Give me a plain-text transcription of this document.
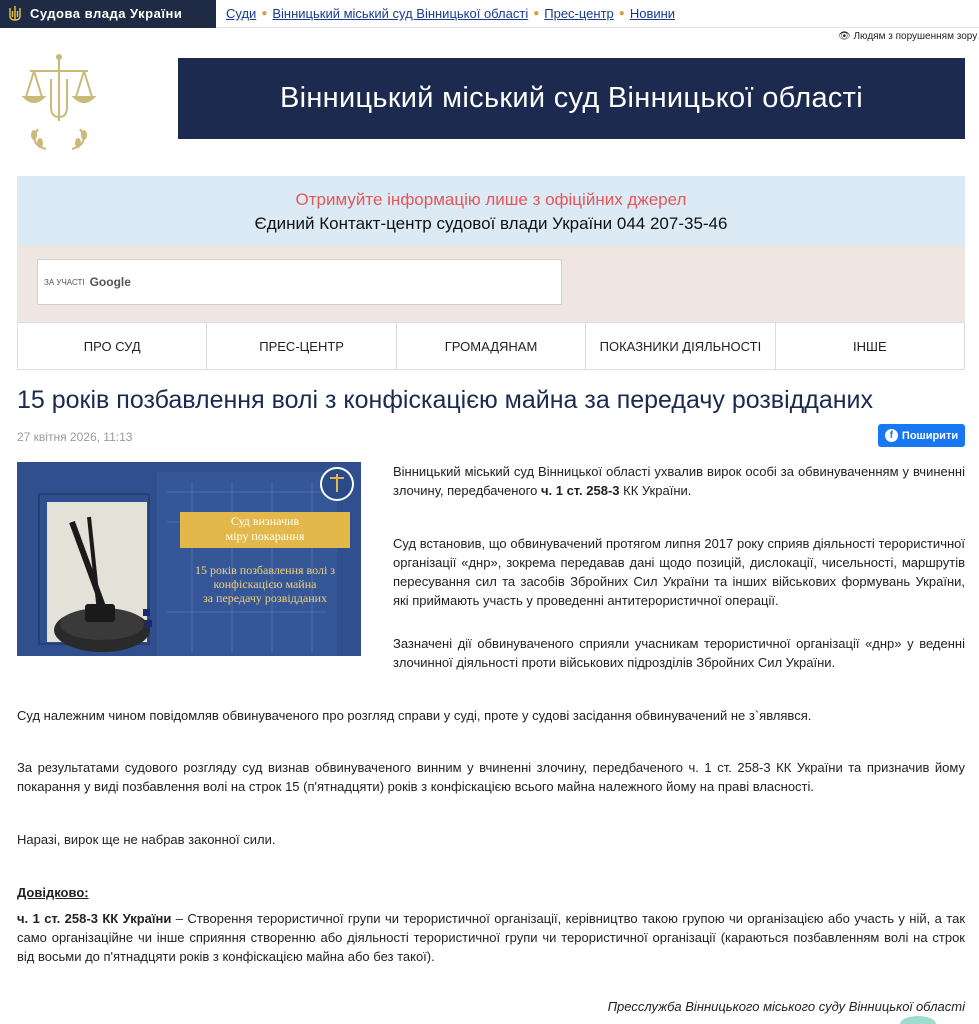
Судова влада України	Суди ● Вінницький міський суд Вінницької області ● Прес-центр ● Новини
👁 Людям з порушенням зору
Вінницький міський суд Вінницької області
Отримуйте інформацію лише з офіційних джерел
Єдиний Контакт-центр судової влади України 044 207-35-46
ЗА УЧАСТІ Google
ПРО СУД	ПРЕС-ЦЕНТР	ГРОМАДЯНАМ	ПОКАЗНИКИ ДІЯЛЬНОСТІ	ІНШЕ
15 років позбавлення волі з конфіскацією майна за передачу розвідданих
27 квітня 2026, 11:13	f Поширити
Суд визначив
міру покарання
15 років позбавлення волі з
конфіскацією майна
за передачу розвідданих

Вінницький міський суд Вінницької області ухвалив вирок особі за обвинуваченням у вчиненні злочину, передбаченого ч. 1 ст. 258-3 КК України.

Суд встановив, що обвинувачений протягом липня 2017 року сприяв діяльності терористичної організації «днр», зокрема передавав дані щодо позицій, дислокації, чисельності, маршрутів пересування сил та засобів Збройних Сил України та інших військових формувань України, які приймають участь у проведенні антитерористичної операції.

Зазначені дії обвинуваченого сприяли учасникам терористичної організації «днр» у веденні злочинної діяльності проти військових підрозділів Збройних Сил України.

Суд належним чином повідомляв обвинуваченого про розгляд справи у суді, проте у судові засідання обвинувачений не з`являвся.

За результатами судового розгляду суд визнав обвинуваченого винним у вчиненні злочину, передбаченого ч. 1 ст. 258-3 КК України та призначив йому покарання у виді позбавлення волі на строк 15 (п'ятнадцяти) років з конфіскацією всього майна належного йому на праві власності.

Наразі, вирок ще не набрав законної сили.

Довідково:

ч. 1 ст. 258-3 КК України – Створення терористичної групи чи терористичної організації, керівництво такою групою чи організацією або участь у ній, а так само організаційне чи інше сприяння створенню або діяльності терористичної групи чи терористичної організації (караються позбавленням волі на строк від восьми до п'ятнадцяти років з конфіскацією майна або без такої).

Пресслужба Вінницького міського суду Вінницької області
